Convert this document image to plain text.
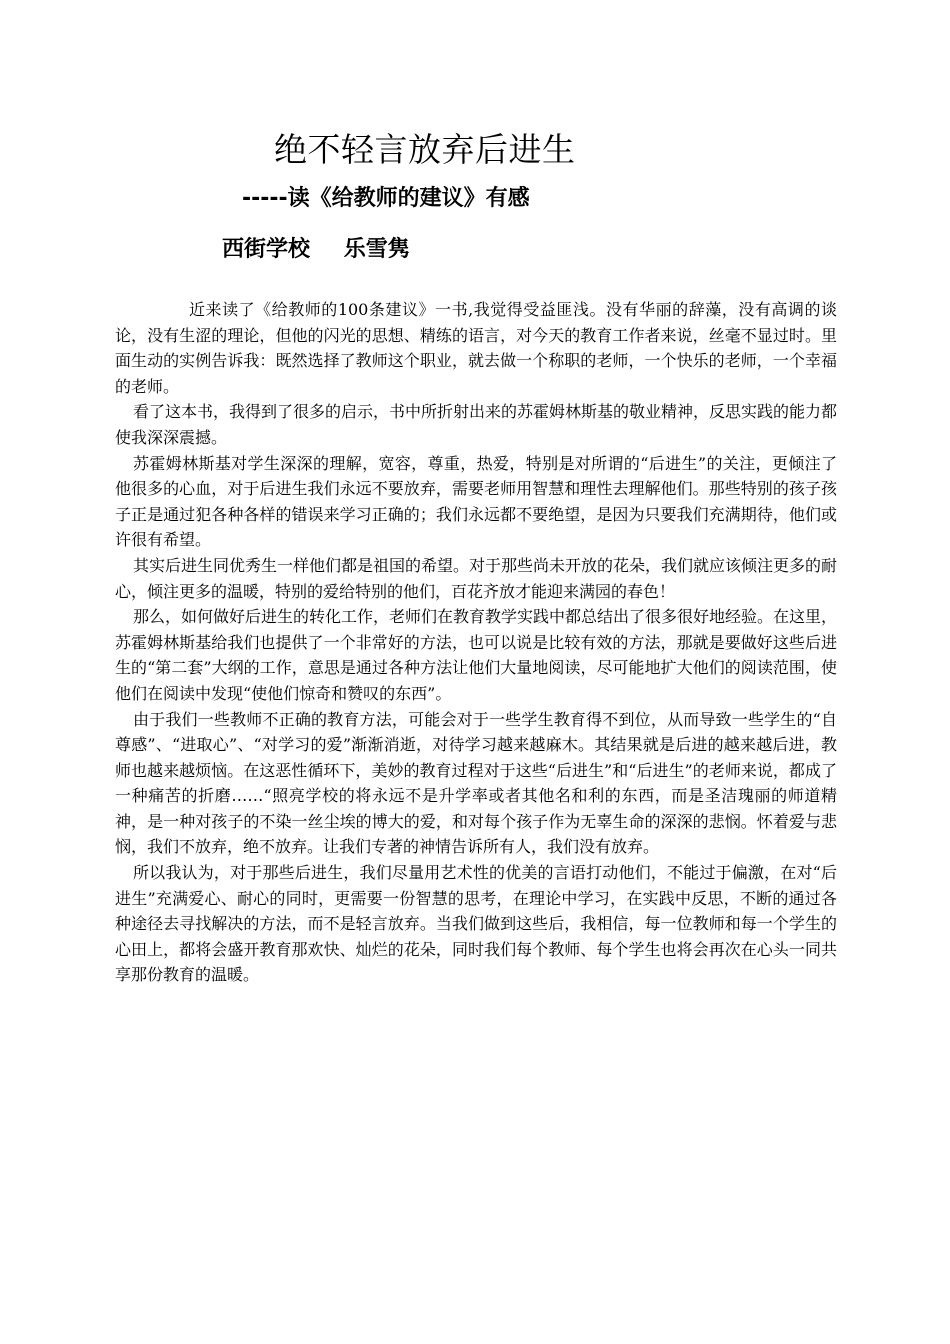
绝不轻言放弃后进生
-----读《给教师的建议》有感
西街学校 乐雪隽

近来读了《给教师的100条建议》一书,我觉得受益匪浅。没有华丽的辞藻，没有高调的谈论，没有生涩的理论，但他的闪光的思想、精练的语言，对今天的教育工作者来说，丝毫不显过时。里面生动的实例告诉我：既然选择了教师这个职业，就去做一个称职的老师，一个快乐的老师，一个幸福的老师。

看了这本书，我得到了很多的启示，书中所折射出来的苏霍姆林斯基的敬业精神，反思实践的能力都使我深深震撼。

苏霍姆林斯基对学生深深的理解，宽容，尊重，热爱，特别是对所谓的“后进生”的关注，更倾注了他很多的心血，对于后进生我们永远不要放弃，需要老师用智慧和理性去理解他们。那些特别的孩子孩子正是通过犯各种各样的错误来学习正确的；我们永远都不要绝望，是因为只要我们充满期待，他们或许很有希望。

其实后进生同优秀生一样他们都是祖国的希望。对于那些尚未开放的花朵，我们就应该倾注更多的耐心，倾注更多的温暖，特别的爱给特别的他们，百花齐放才能迎来满园的春色！

那么，如何做好后进生的转化工作，老师们在教育教学实践中都总结出了很多很好地经验。在这里，苏霍姆林斯基给我们也提供了一个非常好的方法，也可以说是比较有效的方法，那就是要做好这些后进生的“第二套”大纲的工作，意思是通过各种方法让他们大量地阅读，尽可能地扩大他们的阅读范围，使他们在阅读中发现“使他们惊奇和赞叹的东西”。

由于我们一些教师不正确的教育方法，可能会对于一些学生教育得不到位，从而导致一些学生的“自尊感”、“进取心”、“对学习的爱”渐渐消逝，对待学习越来越麻木。其结果就是后进的越来越后进，教师也越来越烦恼。在这恶性循环下，美妙的教育过程对于这些“后进生”和“后进生”的老师来说，都成了一种痛苦的折磨……“照亮学校的将永远不是升学率或者其他名和利的东西，而是圣洁瑰丽的师道精神，是一种对孩子的不染一丝尘埃的博大的爱，和对每个孩子作为无辜生命的深深的悲悯。怀着爱与悲悯，我们不放弃，绝不放弃。让我们专著的神情告诉所有人，我们没有放弃。

所以我认为，对于那些后进生，我们尽量用艺术性的优美的言语打动他们，不能过于偏激，在对“后进生”充满爱心、耐心的同时，更需要一份智慧的思考，在理论中学习，在实践中反思，不断的通过各种途径去寻找解决的方法，而不是轻言放弃。当我们做到这些后，我相信，每一位教师和每一个学生的心田上，都将会盛开教育那欢快、灿烂的花朵，同时我们每个教师、每个学生也将会再次在心头一同共享那份教育的温暖。
